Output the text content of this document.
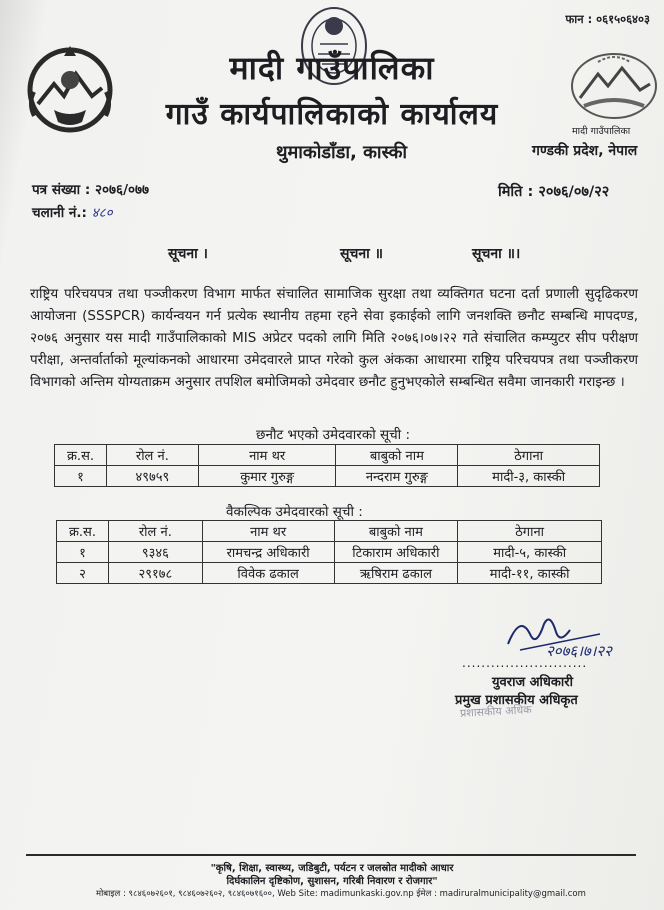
फान : ०६१५०६४०३
मादी गाउँपालिका
मादी गाउँपालिका
गाउँ कार्यपालिकाको कार्यालय
थुमाकोडाँडा, कास्की	गण्डकी प्रदेश, नेपाल
पत्र संख्या : २०७६/०७७
चलानी नं.: ४८०
मिति : २०७६/०७/२२
सूचना ।	सूचना ॥	सूचना ॥।
राष्ट्रिय परिचयपत्र तथा पञ्जीकरण विभाग मार्फत संचालित सामाजिक सुरक्षा तथा व्यक्तिगत घटना दर्ता प्रणाली सुदृढिकरण आयोजना (SSSPCR) कार्यन्वयन गर्न प्रत्येक स्थानीय तहमा रहने सेवा इकाईको लागि जनशक्ति छनौट सम्बन्धि मापदण्ड, २०७६ अनुसार यस मादी गाउँपालिकाको MIS अप्रेटर पदको लागि मिति २०७६।०७।२२ गते संचालित कम्प्युटर सीप परीक्षण परीक्षा, अन्तर्वार्ताको मूल्यांकनको आधारमा उमेदवारले प्राप्त गरेको कुल अंकका आधारमा राष्ट्रिय परिचयपत्र तथा पञ्जीकरण विभागको अन्तिम योग्यताक्रम अनुसार तपशिल बमोजिमको उमेदवार छनौट हुनुभएकोले सम्बन्धित सवैमा जानकारी गराइन्छ ।
छनौट भएको उमेदवारको सूची :
क्र.स.	रोल नं.	नाम थर	बाबुको नाम	ठेगाना
१	४९७५९	कुमार गुरुङ्ग	नन्दराम गुरुङ्ग	मादी-३, कास्की
वैकल्पिक उमेदवारको सूची :
क्र.स.	रोल नं.	नाम थर	बाबुको नाम	ठेगाना
१	९३४६	रामचन्द्र अधिकारी	टिकाराम अधिकारी	मादी-५, कास्की
२	२९१७८	विवेक ढकाल	ऋषिराम ढकाल	मादी-११, कास्की
२०७६।७।२२
..........................
युवराज अधिकारी
प्रमुख प्रशासकीय अधिकृत
प्रशासकीय अधिक
"कृषि, शिक्षा, स्वास्थ्य, जडिबुटी, पर्यटन र जलस्रोत मादीको आधार
दिर्घकालिन दृष्टिकोण, सुशासन, गरिबी निवारण र रोजगार"
मोबाइल : ९८४६०७२६०१, ९८४६०७२६०२, ९८४६०७१६००, Web Site: madimunkaski.gov.np ईमेल : madiruralmunicipality@gmail.com
